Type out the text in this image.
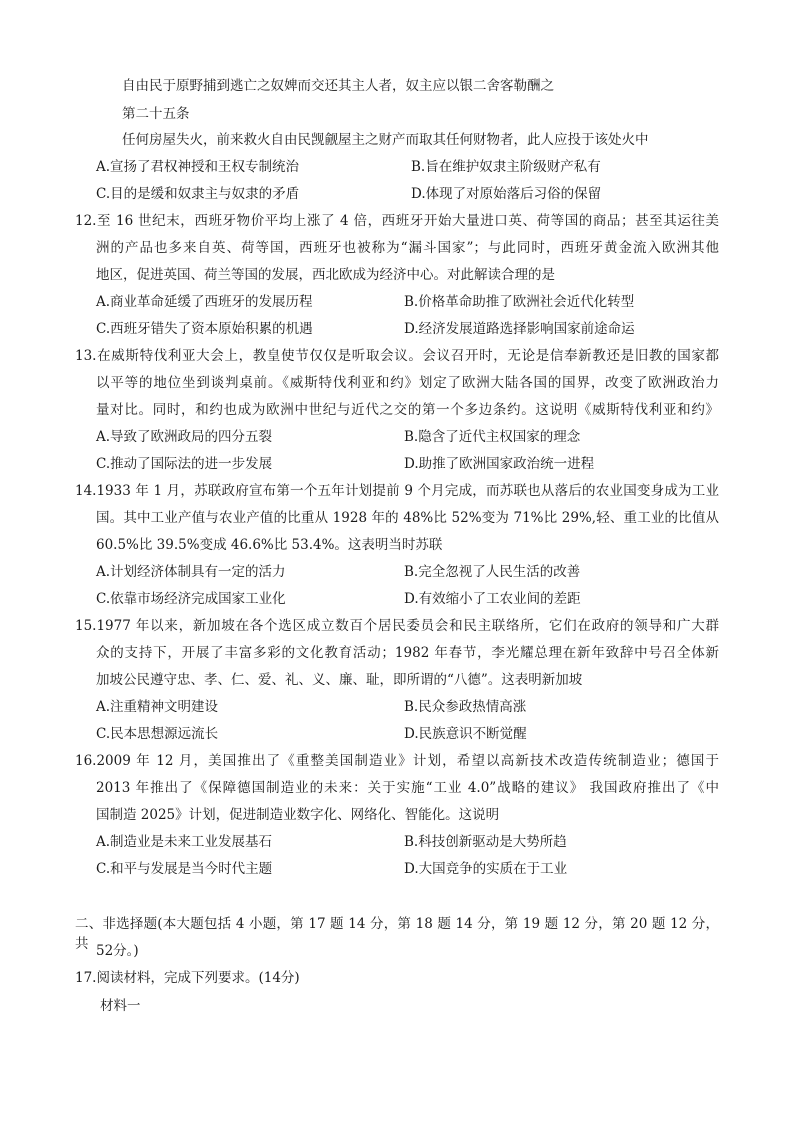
自由民于原野捕到逃亡之奴婢而交还其主人者，奴主应以银二舍客勒酬之
第二十五条
任何房屋失火，前来救火自由民觊觎屋主之财产而取其任何财物者，此人应投于该处火中
A.宣扬了君权神授和王权专制统治	B.旨在维护奴隶主阶级财产私有
C.目的是缓和奴隶主与奴隶的矛盾	D.体现了对原始落后习俗的保留
12.至 16 世纪末，西班牙物价平均上涨了 4 倍，西班牙开始大量进口英、荷等国的商品；甚至其运往美
洲的产品也多来自英、荷等国，西班牙也被称为“漏斗国家”；与此同时，西班牙黄金流入欧洲其他
地区，促进英国、荷兰等国的发展，西北欧成为经济中心。对此解读合理的是
A.商业革命延缓了西班牙的发展历程	B.价格革命助推了欧洲社会近代化转型
C.西班牙错失了资本原始积累的机遇	D.经济发展道路选择影响国家前途命运
13.在威斯特伐利亚大会上，教皇使节仅仅是听取会议。会议召开时，无论是信奉新教还是旧教的国家都
以平等的地位坐到谈判桌前。《威斯特伐利亚和约》划定了欧洲大陆各国的国界，改变了欧洲政治力
量对比。同时，和约也成为欧洲中世纪与近代之交的第一个多边条约。这说明《威斯特伐利亚和约》
A.导致了欧洲政局的四分五裂	B.隐含了近代主权国家的理念
C.推动了国际法的进一步发展	D.助推了欧洲国家政治统一进程
14.1933 年 1 月，苏联政府宣布第一个五年计划提前 9 个月完成，而苏联也从落后的农业国变身成为工业
国。其中工业产值与农业产值的比重从 1928 年的 48%比 52%变为 71%比 29%,轻、重工业的比值从
60.5%比 39.5%变成 46.6%比 53.4%。这表明当时苏联
A.计划经济体制具有一定的活力	B.完全忽视了人民生活的改善
C.依靠市场经济完成国家工业化	D.有效缩小了工农业间的差距
15.1977 年以来，新加坡在各个选区成立数百个居民委员会和民主联络所，它们在政府的领导和广大群
众的支持下，开展了丰富多彩的文化教育活动；1982 年春节，李光耀总理在新年致辞中号召全体新
加坡公民遵守忠、孝、仁、爱、礼、义、廉、耻，即所谓的“八德”。这表明新加坡
A.注重精神文明建设	B.民众参政热情高涨
C.民本思想源远流长	D.民族意识不断觉醒
16.2009 年 12 月，美国推出了《重整美国制造业》计划，希望以高新技术改造传统制造业；德国于
2013 年推出了《保障德国制造业的未来：关于实施“工业 4.0”战略的建议》 我国政府推出了《中
国制造 2025》计划，促进制造业数字化、网络化、智能化。这说明
A.制造业是未来工业发展基石	B.科技创新驱动是大势所趋
C.和平与发展是当今时代主题	D.大国竞争的实质在于工业
二、非选择题(本大题包括 4 小题，第 17 题 14 分，第 18 题 14 分，第 19 题 12 分，第 20 题 12 分，共 52分。)
17.阅读材料，完成下列要求。(14分)
材料一
